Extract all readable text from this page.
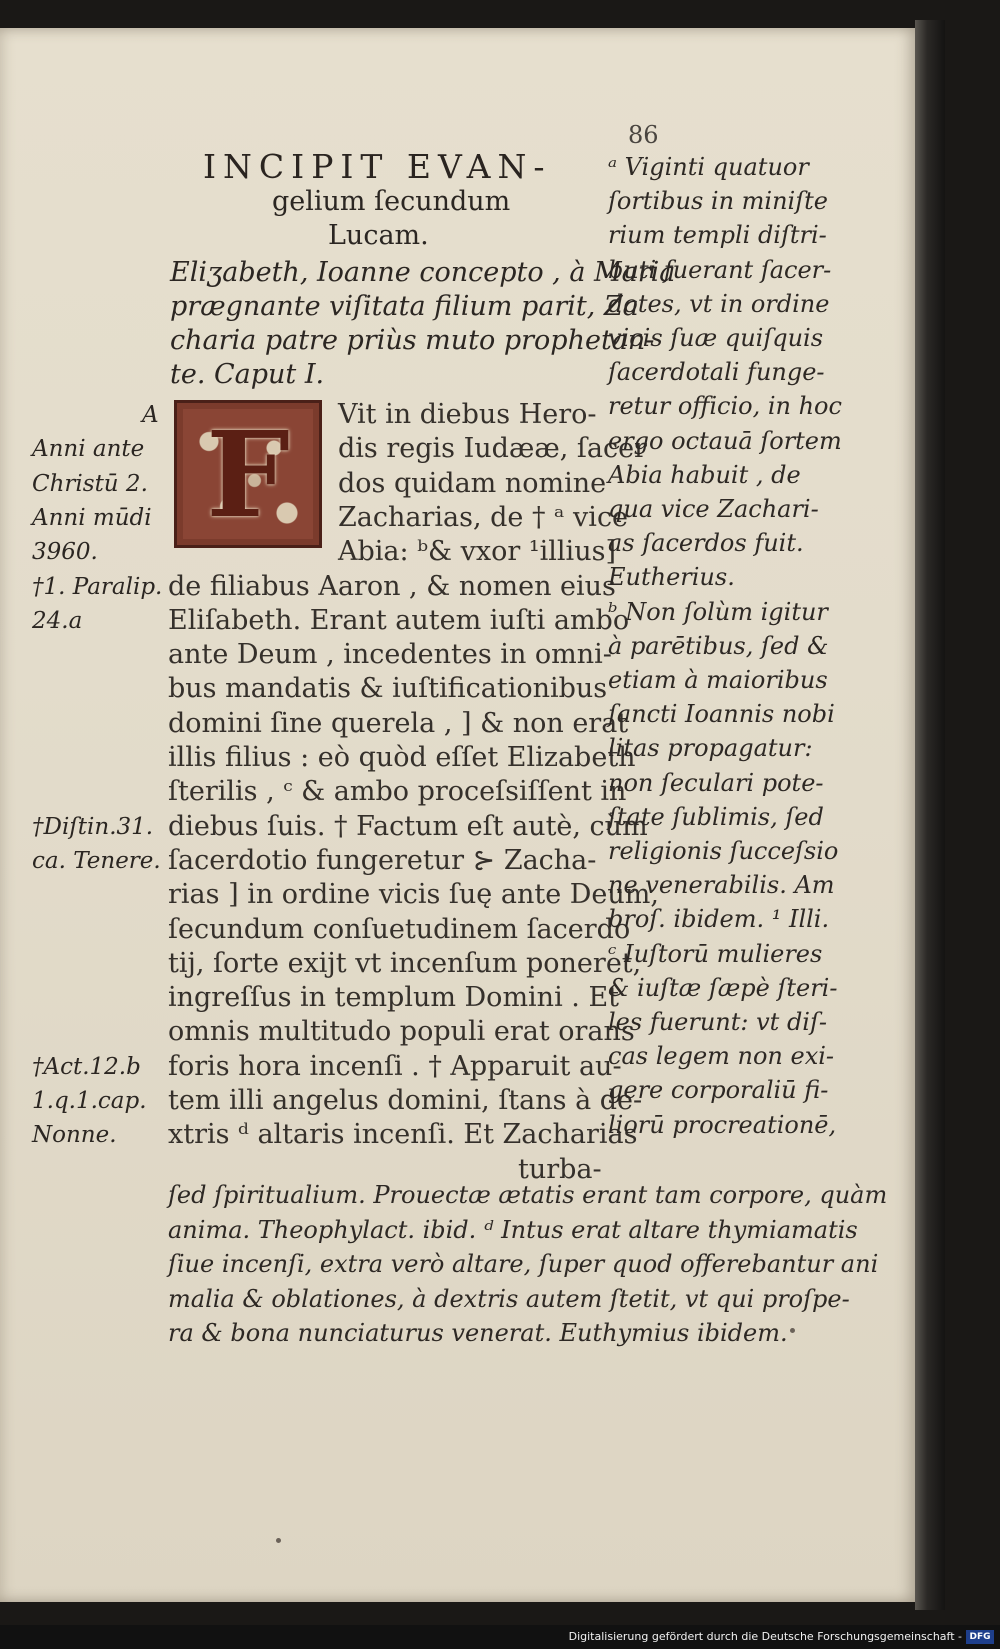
86
INCIPIT EVAN-
gelium ſecundum
Lucam.
Eliʒabeth, Ioanne concepto , à Maria
prægnante viſitata filium parit, Za
charia patre priùs muto prophetan-
te. Caput I.
F	Vit in diebus Hero-
dis regis Iudææ, ſacer
dos quidam nomine
Zacharias, de † ᵃ vice
Abia: ᵇ& vxor ¹illius]
de filiabus Aaron , & nomen eius
Eliſabeth. Erant autem iuſti ambo
ante Deum , incedentes in omni-
bus mandatis & iuſtificationibus
domini ſine querela , ] & non erat
illis filius : eò quòd eſſet Elizabeth
ſterilis , ᶜ & ambo proceſsiſſent in
diebus ſuis. † Factum eſt autè, cùm
ſacerdotio fungeretur ⊱ Zacha-
rias ] in ordine vicis ſuę ante Deum,
ſecundum conſuetudinem ſacerdo
tij, ſorte exijt vt incenſum poneret,
ingreſſus in templum Domini . Et
omnis multitudo populi erat orans
foris hora incenſi . † Apparuit au-
tem illi angelus domini, ſtans à de-
xtris ᵈ altaris incenſi. Et Zacharias
turba-
A
Anni ante
Christū 2.
Anni mūdi
3960.
†1. Paralip.
24.a
†Diſtin.31.
ca. Tenere.
†Act.12.b
1.q.1.cap.
Nonne.
ᵃ Viginti quatuor
ſortibus in miniſte
rium templi diſtri-
buti fuerant ſacer-
dotes, vt in ordine
vicis ſuæ quiſquis
ſacerdotali funge-
retur officio, in hoc
ergo octauā ſortem
Abia habuit , de
qua vice Zachari-
as ſacerdos fuit.
Eutherius.
ᵇ Non ſolùm igitur
à parētibus, ſed &
etiam à maioribus
ſancti Ioannis nobi
litas propagatur:
non ſeculari pote-
ſtate ſublimis, ſed
religionis ſucceſsio
ne venerabilis. Am
broſ. ibidem. ¹ Illi.
ᶜ Iuſtorū mulieres
& iuſtæ ſæpè ſteri-
les fuerunt: vt diſ-
cas legem non exi-
gere corporaliū fi-
liorū procreationē,
ſed ſpiritualium. Prouectæ ætatis erant tam corpore, quàm
anima. Theophylact. ibid. ᵈ Intus erat altare thymiamatis
ſiue incenſi, extra verò altare, ſuper quod offerebantur ani
malia & oblationes, à dextris autem ſtetit, vt qui proſpe-
ra & bona nunciaturus venerat. Euthymius ibidem.
Digitalisierung gefördert durch die Deutsche Forschungsgemeinschaft - DFG
